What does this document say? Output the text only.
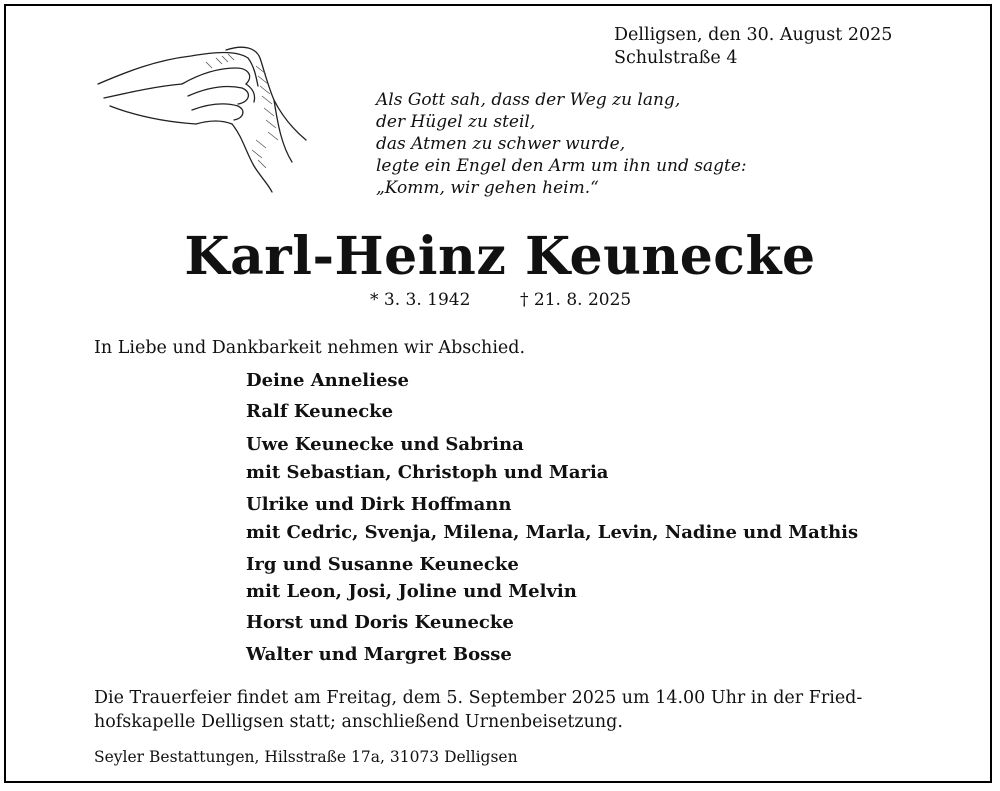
Delligsen, den 30. August 2025
Schulstraße 4
Als Gott sah, dass der Weg zu lang,
der Hügel zu steil,
das Atmen zu schwer wurde,
legte ein Engel den Arm um ihn und sagte:
„Komm, wir gehen heim.“
Karl-Heinz Keunecke
* 3. 3. 1942	† 21. 8. 2025
In Liebe und Dankbarkeit nehmen wir Abschied.
Deine Anneliese
Ralf Keunecke
Uwe Keunecke und Sabrina
mit Sebastian, Christoph und Maria
Ulrike und Dirk Hoffmann
mit Cedric, Svenja, Milena, Marla, Levin, Nadine und Mathis
Irg und Susanne Keunecke
mit Leon, Josi, Joline und Melvin
Horst und Doris Keunecke
Walter und Margret Bosse
Die Trauerfeier findet am Freitag, dem 5. September 2025 um 14.00 Uhr in der Fried-
hofskapelle Delligsen statt; anschließend Urnenbeisetzung.
Seyler Bestattungen, Hilsstraße 17a, 31073 Delligsen
